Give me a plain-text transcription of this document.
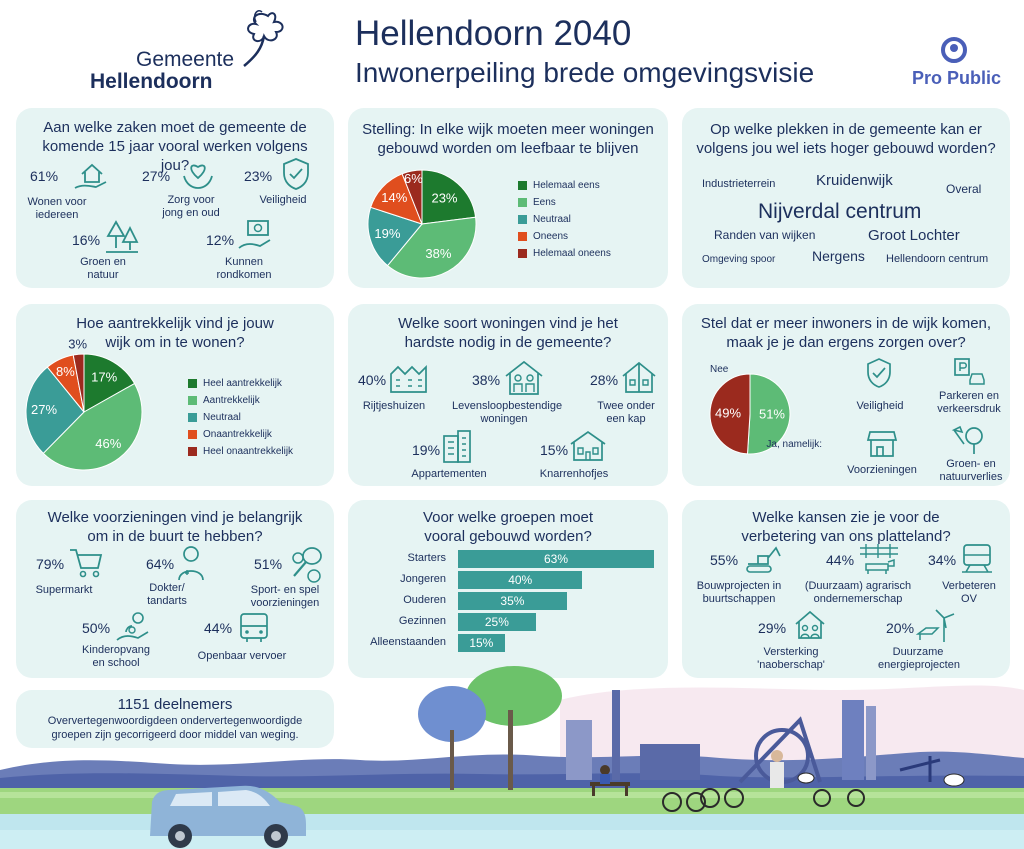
Gemeente
Hellendoorn
Hellendoorn 2040
Inwonerpeiling brede omgevingsvisie	Pro Public
Aan welke zaken moet de gemeente de komende 15 jaar vooral werken volgens jou?
61%
Wonen voor iedereen
27%
Zorg voor jong en oud
23%
Veiligheid
16%
Groen en natuur
12%
Kunnen rondkomen
Stelling: In elke wijk moeten meer woningen gebouwd worden om leefbaar te blijven
23%
38%
19%
14%
6%	Helemaal eens
Eens
Neutraal
Oneens
Helemaal oneens
Op welke plekken in de gemeente kan er volgens jou wel iets hoger gebouwd worden?
Industrieterrein	Kruidenwijk	Overal
Nijverdal centrum
Randen van wijken	Groot Lochter
Omgeving spoor	Nergens Hellendoorn centrum
Hoe aantrekkelijk vind je jouw wijk om in te wonen?
17%
46%
27%
8%
3%
Heel aantrekkelijk
Aantrekkelijk
Neutraal
Onaantrekkelijk
Heel onaantrekkelijk
Welke soort woningen vind je het hardste nodig in de gemeente?
40%
Rijtjeshuizen
38%
Levensloopbestendige woningen
28%
Twee onder een kap
19%
Appartementen
15%
Knarrenhofjes
Stel dat er meer inwoners in de wijk komen, maak je je dan ergens zorgen over?
Nee
51%
49%
Ja, namelijk:
Veiligheid
Parkeren en verkeersdruk
Voorzieningen	Groen- en natuurverlies
Welke voorzieningen vind je belangrijk om in de buurt te hebben?
79%
Supermarkt
64%
Dokter/ tandarts
51%
Sport- en spel voorzieningen
50%
Kinderopvang en school
44%
Openbaar vervoer
Voor welke groepen moet vooral gebouwd worden?
Starters	63%
Jongeren	40%
Ouderen	35%
Gezinnen	25%
Alleenstaanden	15%
Welke kansen zie je voor de verbetering van ons platteland?
55%
Bouwprojecten in buurtschappen
44%
(Duurzaam) agrarisch ondernemerschap
34%
Verbeteren OV
29%
Versterking 'naoberschap'
20%
Duurzame energieprojecten
1151 deelnemers
Oververtegenwoordigdeen ondervertegenwoordigde groepen zijn gecorrigeerd door middel van weging.
